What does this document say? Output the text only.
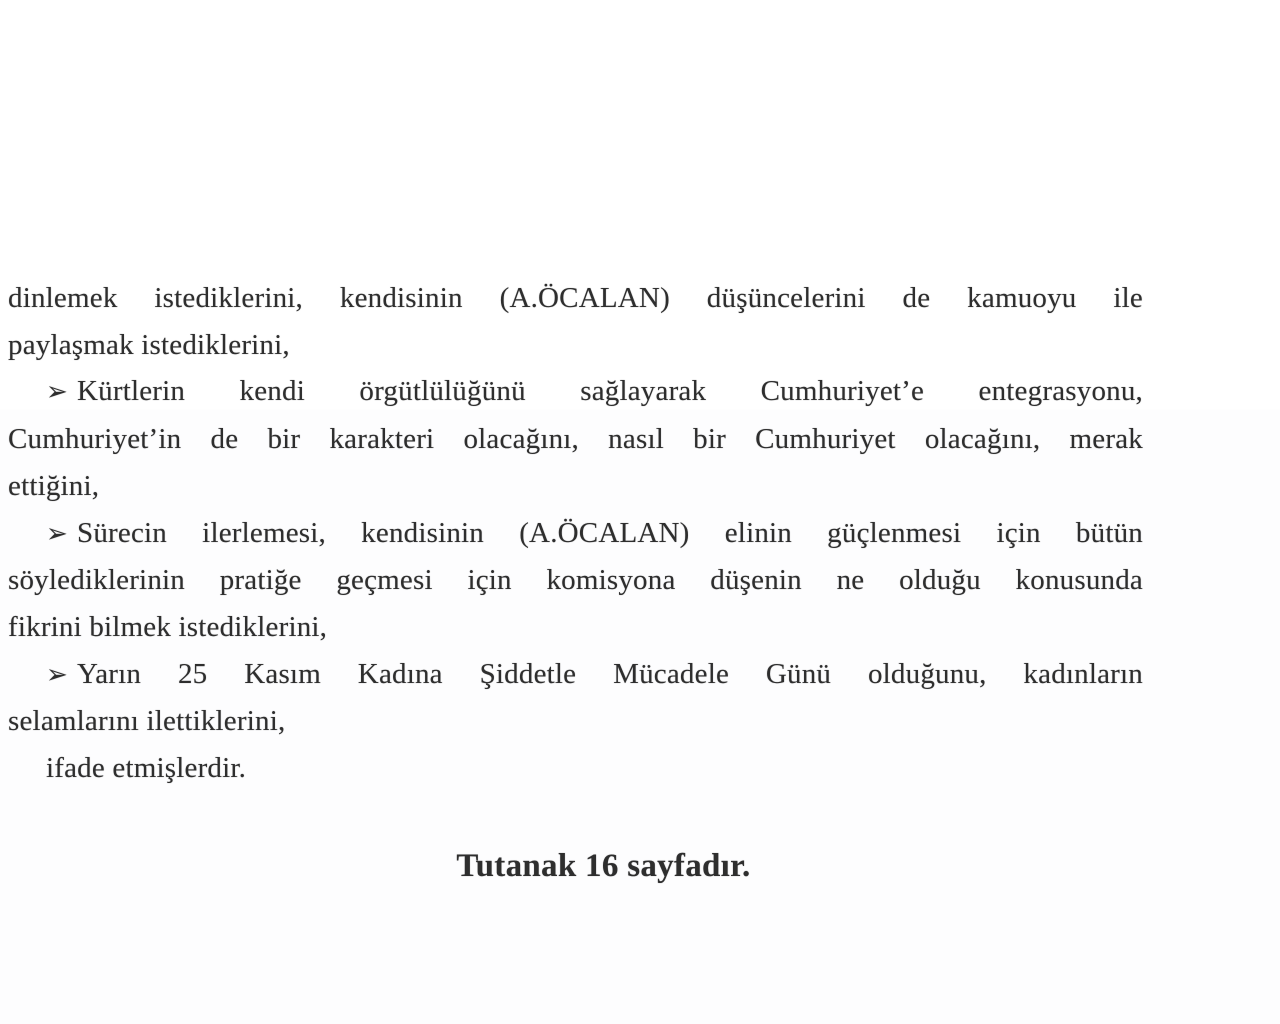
dinlemek istediklerini, kendisinin (A.ÖCALAN) düşüncelerini de kamuoyu ile
paylaşmak istediklerini,
➢ Kürtlerin kendi örgütlülüğünü sağlayarak Cumhuriyet’e entegrasyonu,
Cumhuriyet’in de bir karakteri olacağını, nasıl bir Cumhuriyet olacağını, merak
ettiğini,
➢ Sürecin ilerlemesi, kendisinin (A.ÖCALAN) elinin güçlenmesi için bütün
söylediklerinin pratiğe geçmesi için komisyona düşenin ne olduğu konusunda
fikrini bilmek istediklerini,
➢ Yarın 25 Kasım Kadına Şiddetle Mücadele Günü olduğunu, kadınların
selamlarını ilettiklerini,
ifade etmişlerdir.
Tutanak 16 sayfadır.
